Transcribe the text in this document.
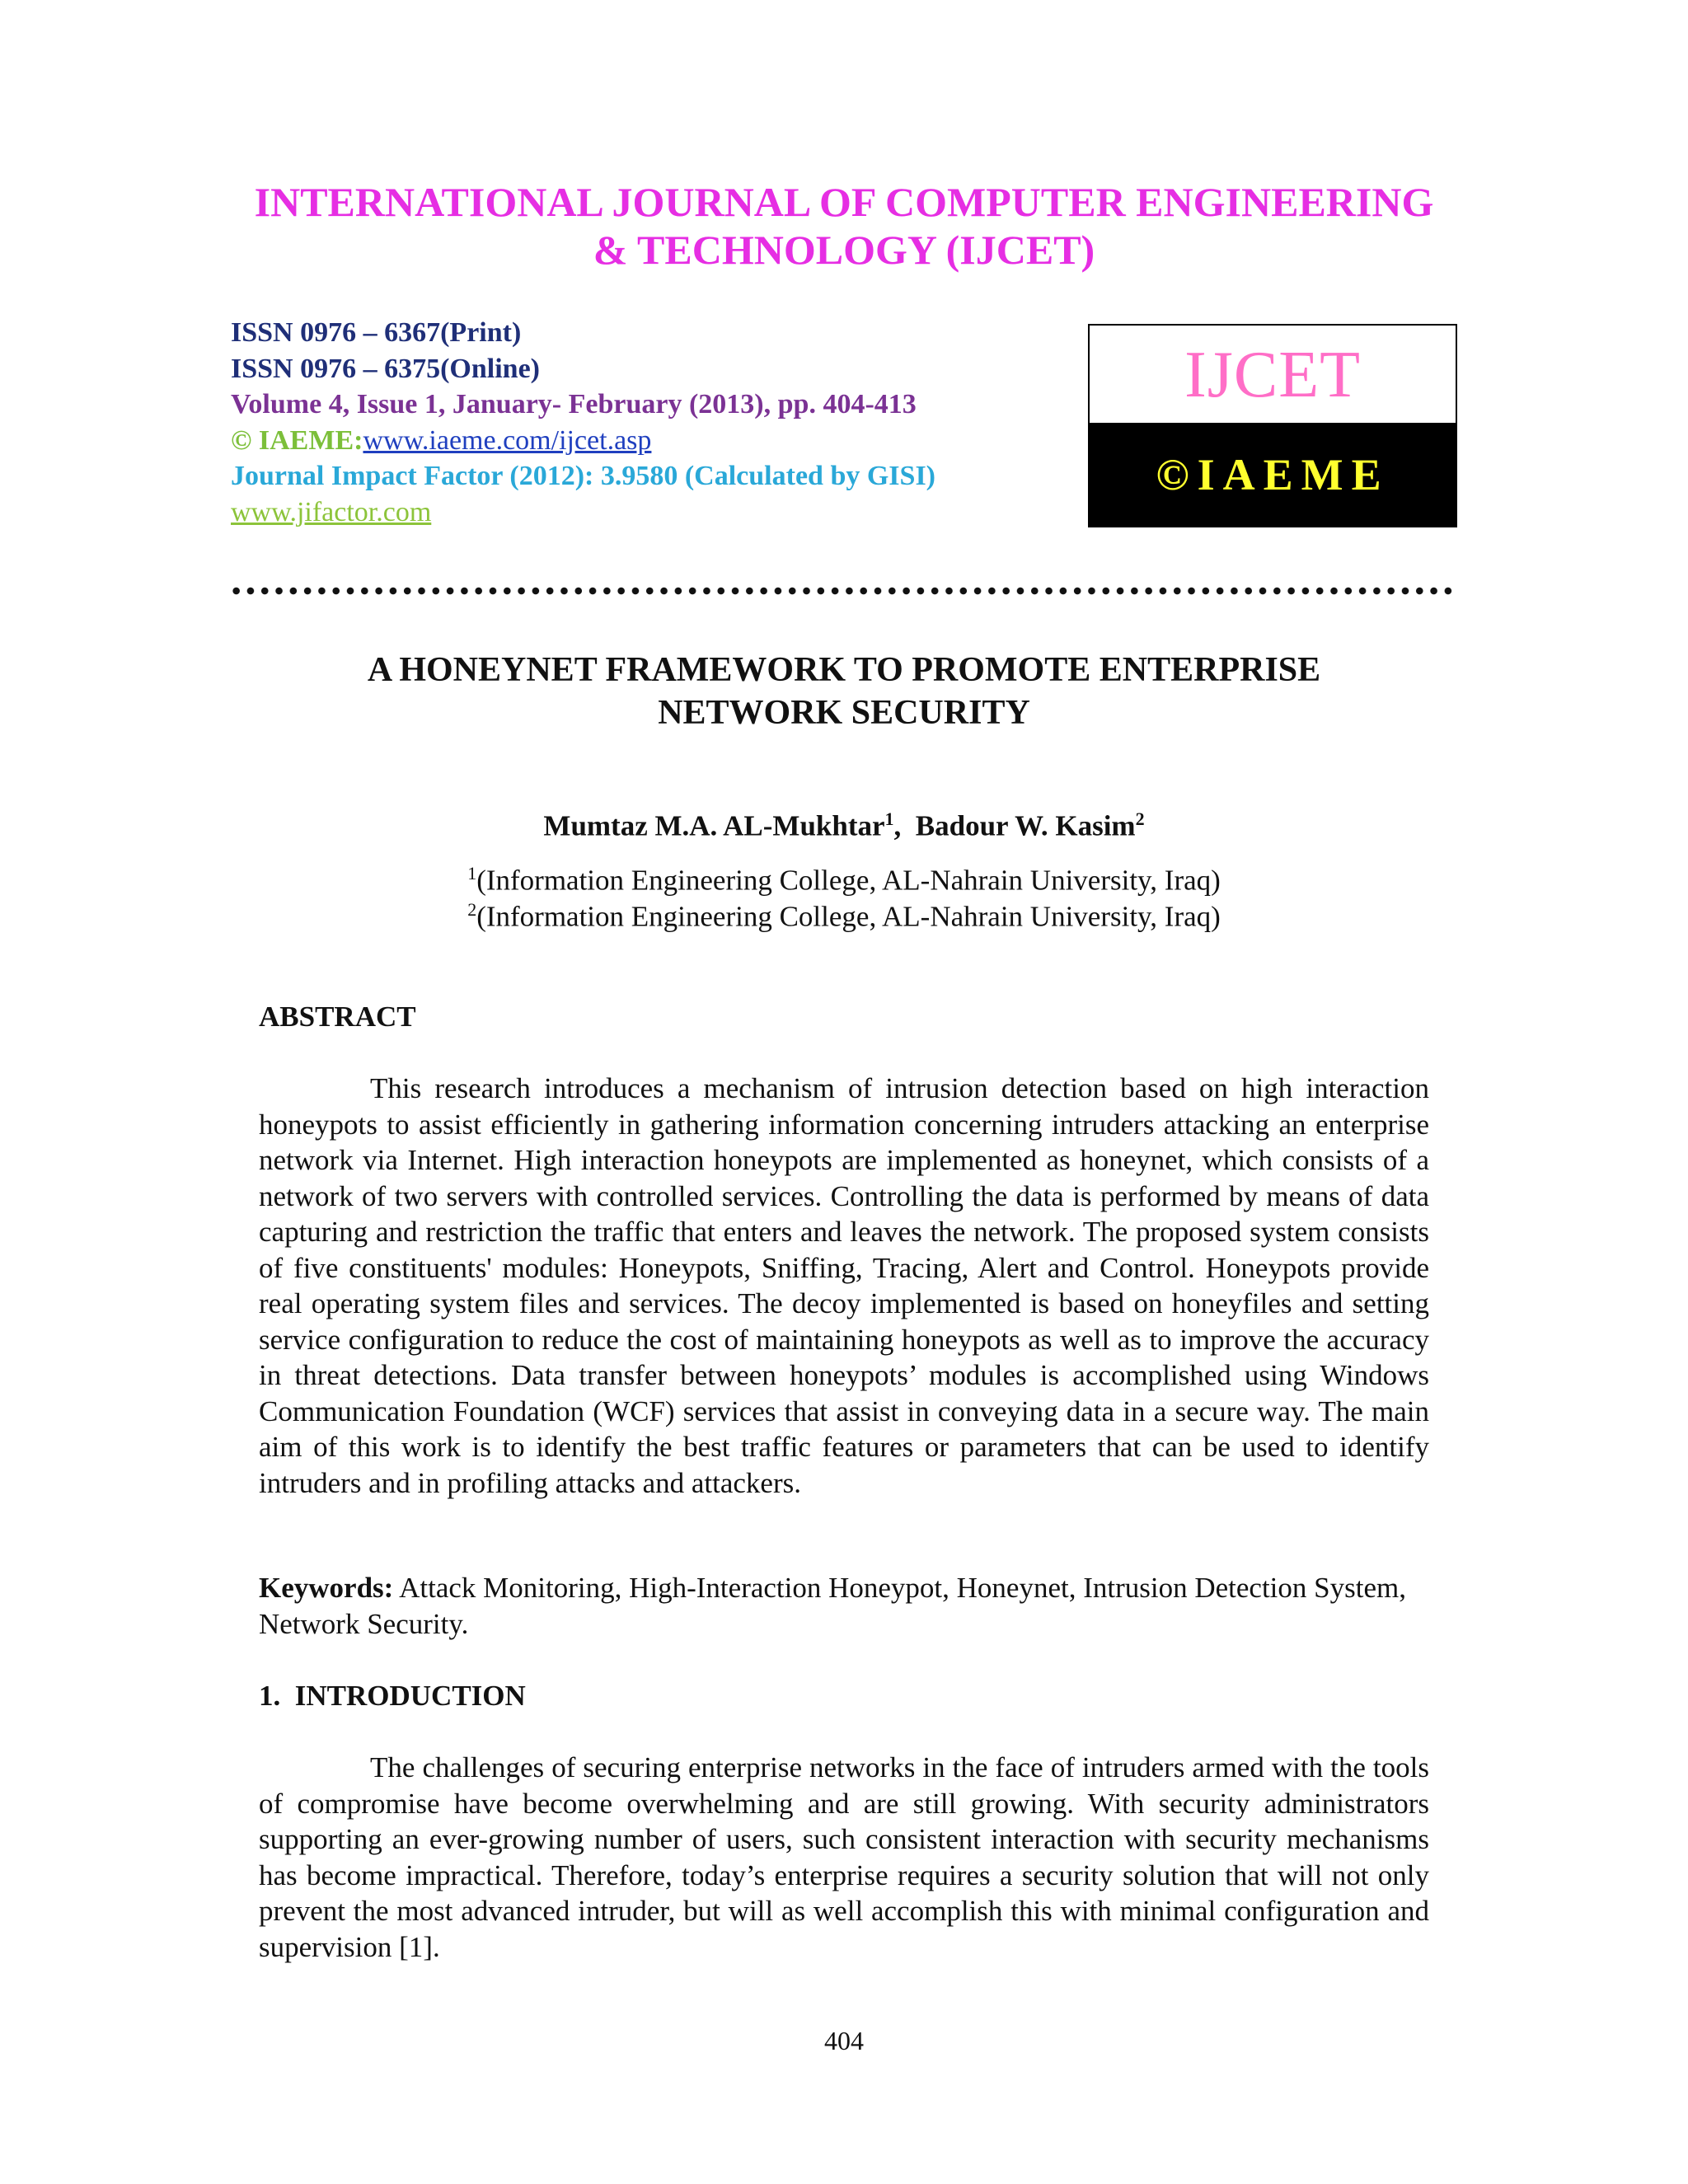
INTERNATIONAL JOURNAL OF COMPUTER ENGINEERING
& TECHNOLOGY (IJCET)
ISSN 0976 – 6367(Print)
ISSN 0976 – 6375(Online)
Volume 4, Issue 1, January- February (2013), pp. 404-413
© IAEME:www.iaeme.com/ijcet.asp
Journal Impact Factor (2012): 3.9580 (Calculated by GISI)
www.jifactor.com
IJCET
©IAEME
A HONEYNET FRAMEWORK TO PROMOTE ENTERPRISE
NETWORK SECURITY
Mumtaz M.A. AL-Mukhtar$^1$,  Badour W. Kasim$^2$
$^1$(Information Engineering College, AL-Nahrain University, Iraq)
$^2$(Information Engineering College, AL-Nahrain University, Iraq)
ABSTRACT
This research introduces a mechanism of intrusion detection based on high interaction honeypots to assist efficiently in gathering information concerning intruders attacking an enterprise network via Internet. High interaction honeypots are implemented as honeynet, which consists of a network of two servers with controlled services. Controlling the data is performed by means of data capturing and restriction the traffic that enters and leaves the network. The proposed system consists of five constituents' modules: Honeypots, Sniffing, Tracing, Alert and Control. Honeypots provide real operating system files and services. The decoy implemented is based on honeyfiles and setting service configuration to reduce the cost of maintaining honeypots as well as to improve the accuracy in threat detections. Data transfer between honeypots’ modules is accomplished using Windows Communication Foundation (WCF) services that assist in conveying data in a secure way. The main aim of this work is to identify the best traffic features or parameters that can be used to identify intruders and in profiling attacks and attackers.
Keywords: Attack Monitoring, High-Interaction Honeypot, Honeynet, Intrusion Detection System, Network Security.
1.  INTRODUCTION
The challenges of securing enterprise networks in the face of intruders armed with the tools of compromise have become overwhelming and are still growing. With security administrators supporting an ever-growing number of users, such consistent interaction with security mechanisms has become impractical. Therefore, today’s enterprise requires a security solution that will not only prevent the most advanced intruder, but will as well accomplish this with minimal configuration and supervision [1].
404
